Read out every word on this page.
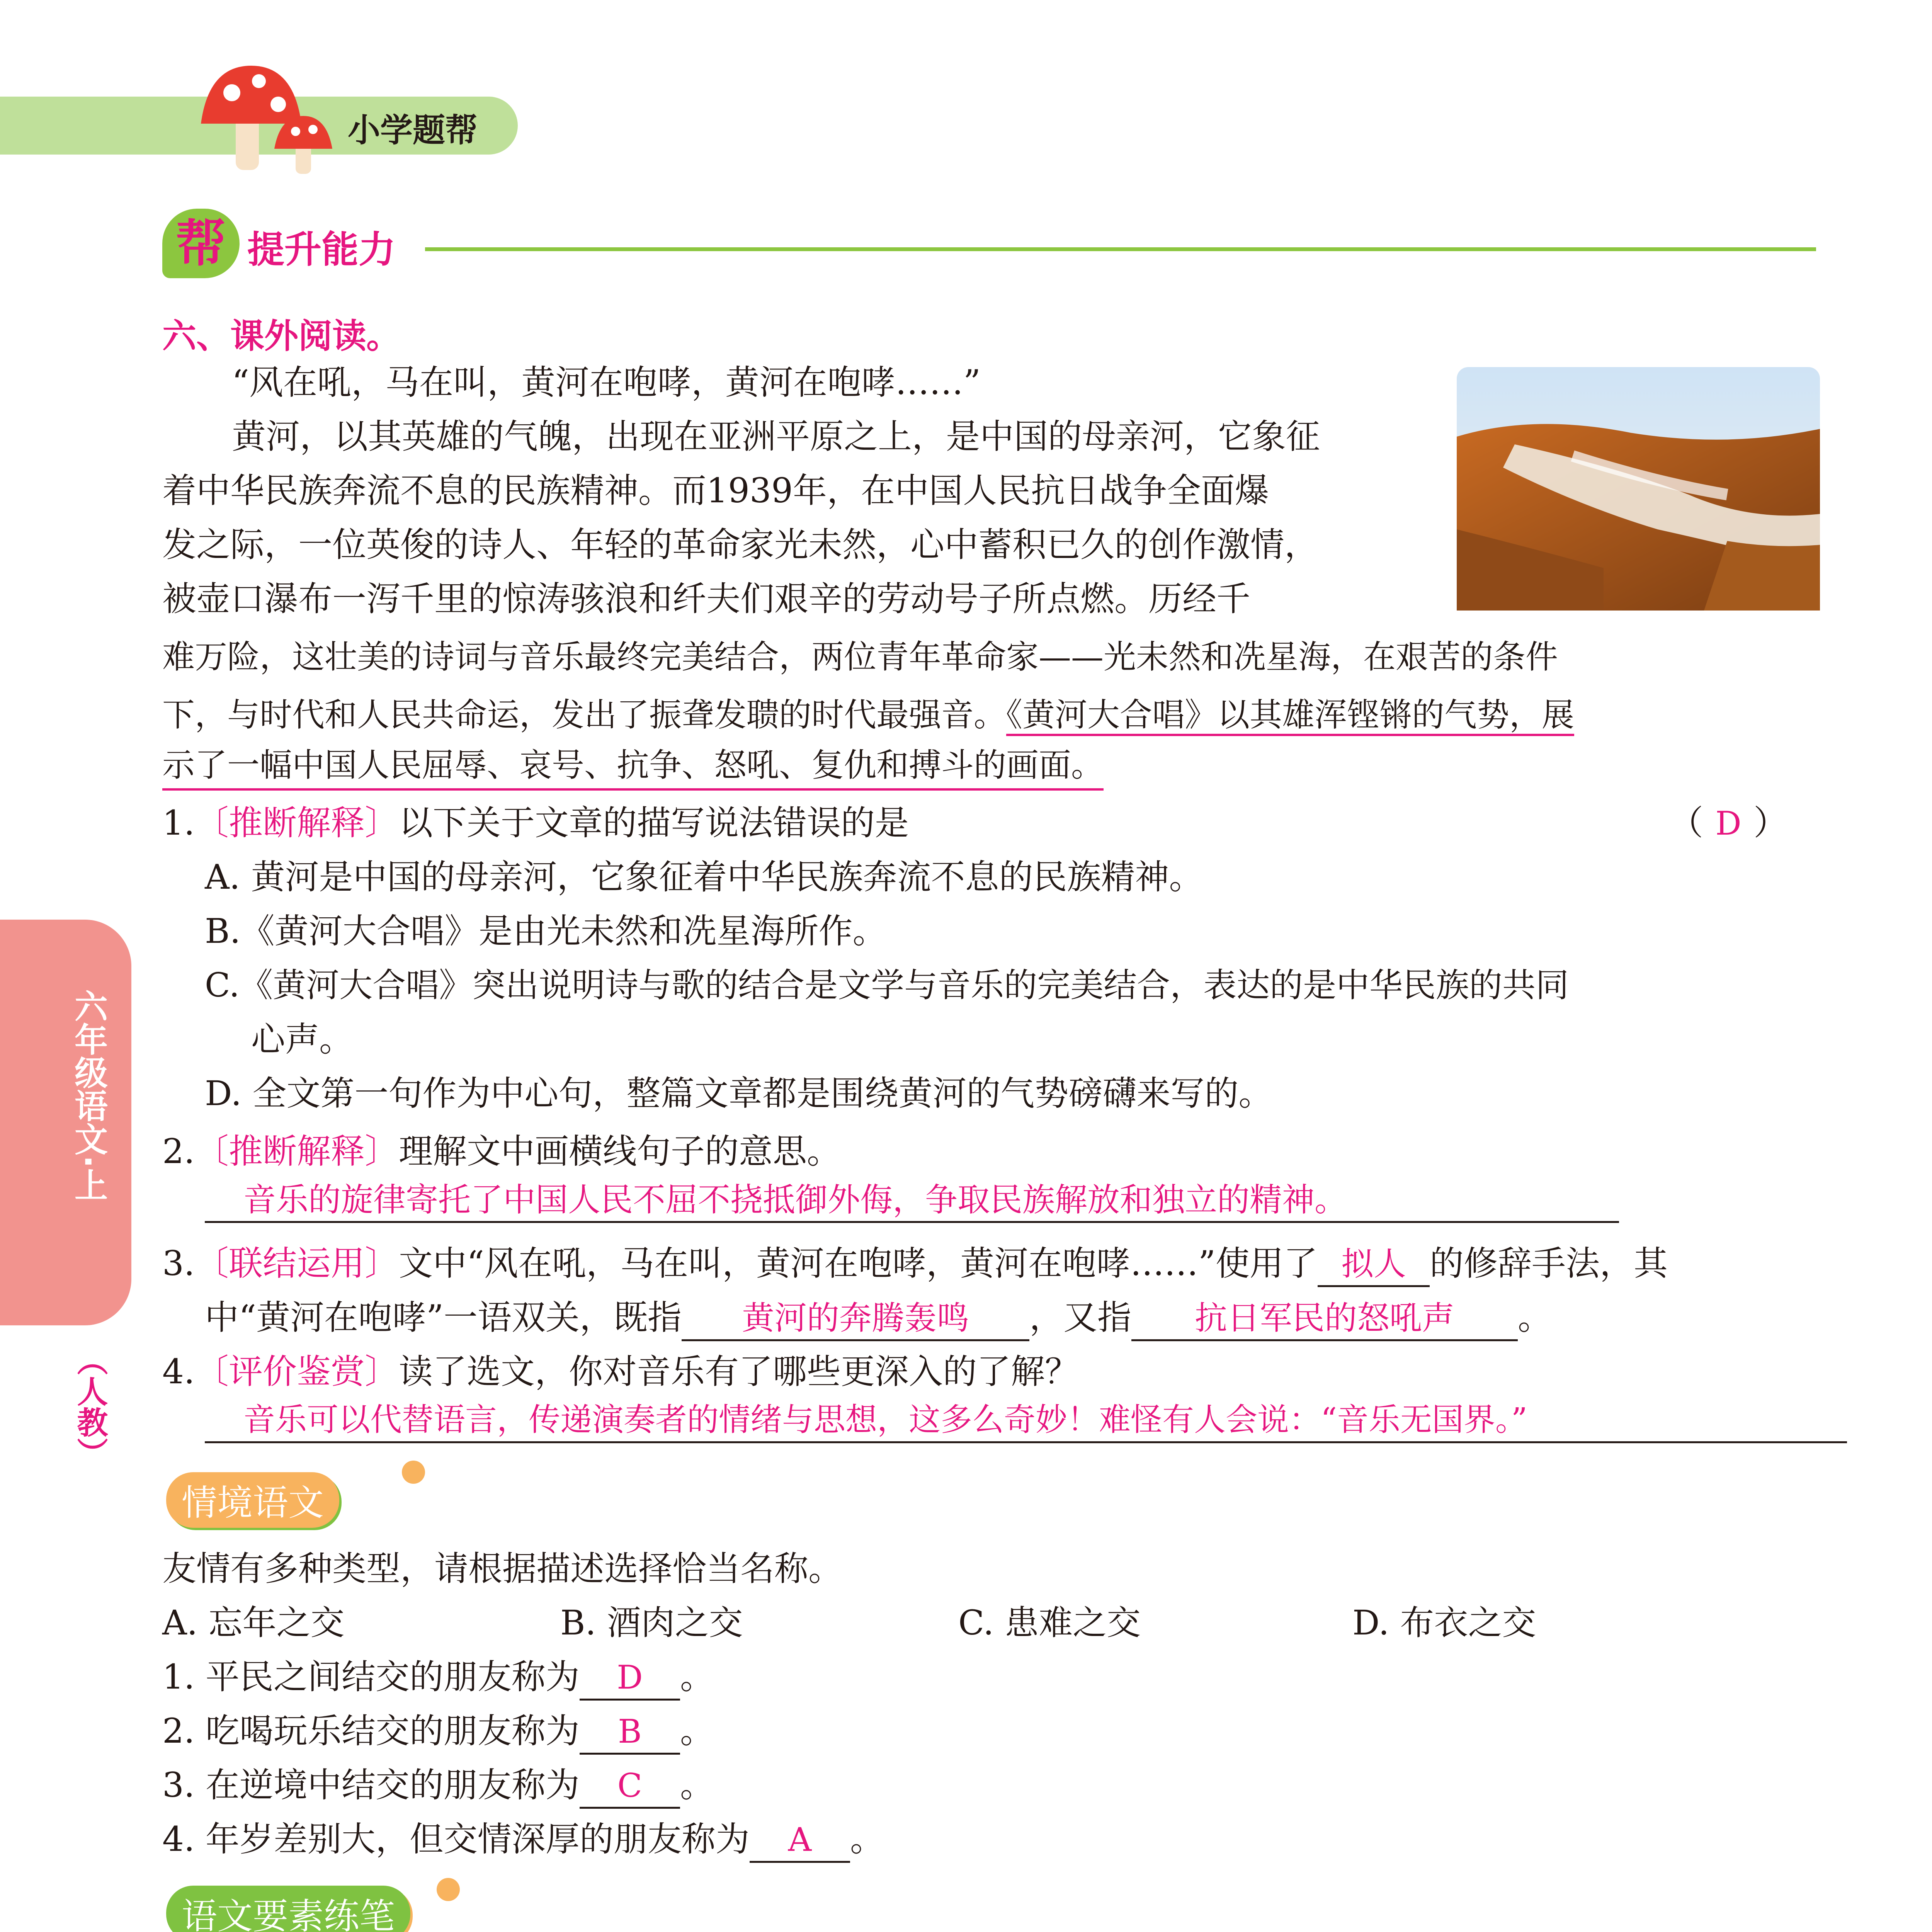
小学题帮
帮 提升能力
六年级语文·上
（人教）
六、课外阅读。
“风在吼，马在叫，黄河在咆哮，黄河在咆哮……”
黄河，以其英雄的气魄，出现在亚洲平原之上，是中国的母亲河，它象征
着中华民族奔流不息的民族精神。而1939年，在中国人民抗日战争全面爆
发之际，一位英俊的诗人、年轻的革命家光未然，心中蓄积已久的创作激情，
被壶口瀑布一泻千里的惊涛骇浪和纤夫们艰辛的劳动号子所点燃。历经千
难万险，这壮美的诗词与音乐最终完美结合，两位青年革命家——光未然和冼星海，在艰苦的条件
下，与时代和人民共命运，发出了振聋发聩的时代最强音。《黄河大合唱》以其雄浑铿锵的气势，展
示了一幅中国人民屈辱、哀号、抗争、怒吼、复仇和搏斗的画面。
1.〔推断解释〕以下关于文章的描写说法错误的是	（ D ）
A. 黄河是中国的母亲河，它象征着中华民族奔流不息的民族精神。
B.《黄河大合唱》是由光未然和冼星海所作。
C.《黄河大合唱》突出说明诗与歌的结合是文学与音乐的完美结合，表达的是中华民族的共同
心声。
D. 全文第一句作为中心句，整篇文章都是围绕黄河的气势磅礴来写的。
2.〔推断解释〕理解文中画横线句子的意思。
音乐的旋律寄托了中国人民不屈不挠抵御外侮，争取民族解放和独立的精神。
3.〔联结运用〕文中“风在吼，马在叫，黄河在咆哮，黄河在咆哮……”使用了 拟人 的修辞手法，其
中“黄河在咆哮”一语双关，既指 黄河的奔腾轰鸣 ，又指 抗日军民的怒吼声 。
4.〔评价鉴赏〕读了选文，你对音乐有了哪些更深入的了解？
音乐可以代替语言，传递演奏者的情绪与思想，这多么奇妙！难怪有人会说：“音乐无国界。”
情境语文
友情有多种类型，请根据描述选择恰当名称。
A. 忘年之交	B. 酒肉之交	C. 患难之交	D. 布衣之交
1. 平民之间结交的朋友称为 D 。
2. 吃喝玩乐结交的朋友称为 B 。
3. 在逆境中结交的朋友称为 C 。
4. 年岁差别大，但交情深厚的朋友称为 A 。
语文要素练笔
